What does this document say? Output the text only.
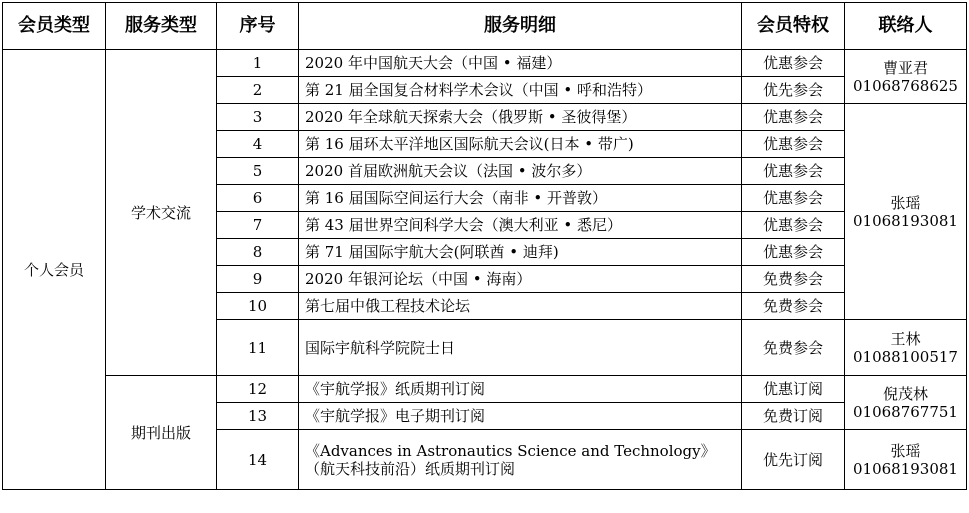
会员类型	服务类型	序号	服务明细	会员特权	联络人
个人会员	学术交流	1	2020 年中国航天大会（中国 • 福建）	优惠参会	曹亚君
01068768625

		2	第 21 届全国复合材料学术会议（中国 • 呼和浩特）	优先参会	
		3	2020 年全球航天探索大会（俄罗斯 • 圣彼得堡）	优惠参会	张瑶
01068193081

		4	第 16 届环太平洋地区国际航天会议(日本 • 带广)	优惠参会	
		5	2020 首届欧洲航天会议（法国 • 波尔多）	优惠参会	
		6	第 16 届国际空间运行大会（南非 • 开普敦）	优惠参会	
		7	第 43 届世界空间科学大会（澳大利亚 • 悉尼）	优惠参会	
		8	第 71 届国际宇航大会(阿联酋 • 迪拜)	优惠参会	
		9	2020 年银河论坛（中国 • 海南）	免费参会	
		10	第七届中俄工程技术论坛	免费参会	
		11	国际宇航科学院院士日	免费参会	王林
01088100517

	期刊出版	12	《宇航学报》纸质期刊订阅	优惠订阅	倪茂林
01068767751

		13	《宇航学报》电子期刊订阅	免费订阅	
		14	《Advances in Astronautics Science and Technology》（航天科技前沿）纸质期刊订阅	优先订阅	张瑶
01068193081
